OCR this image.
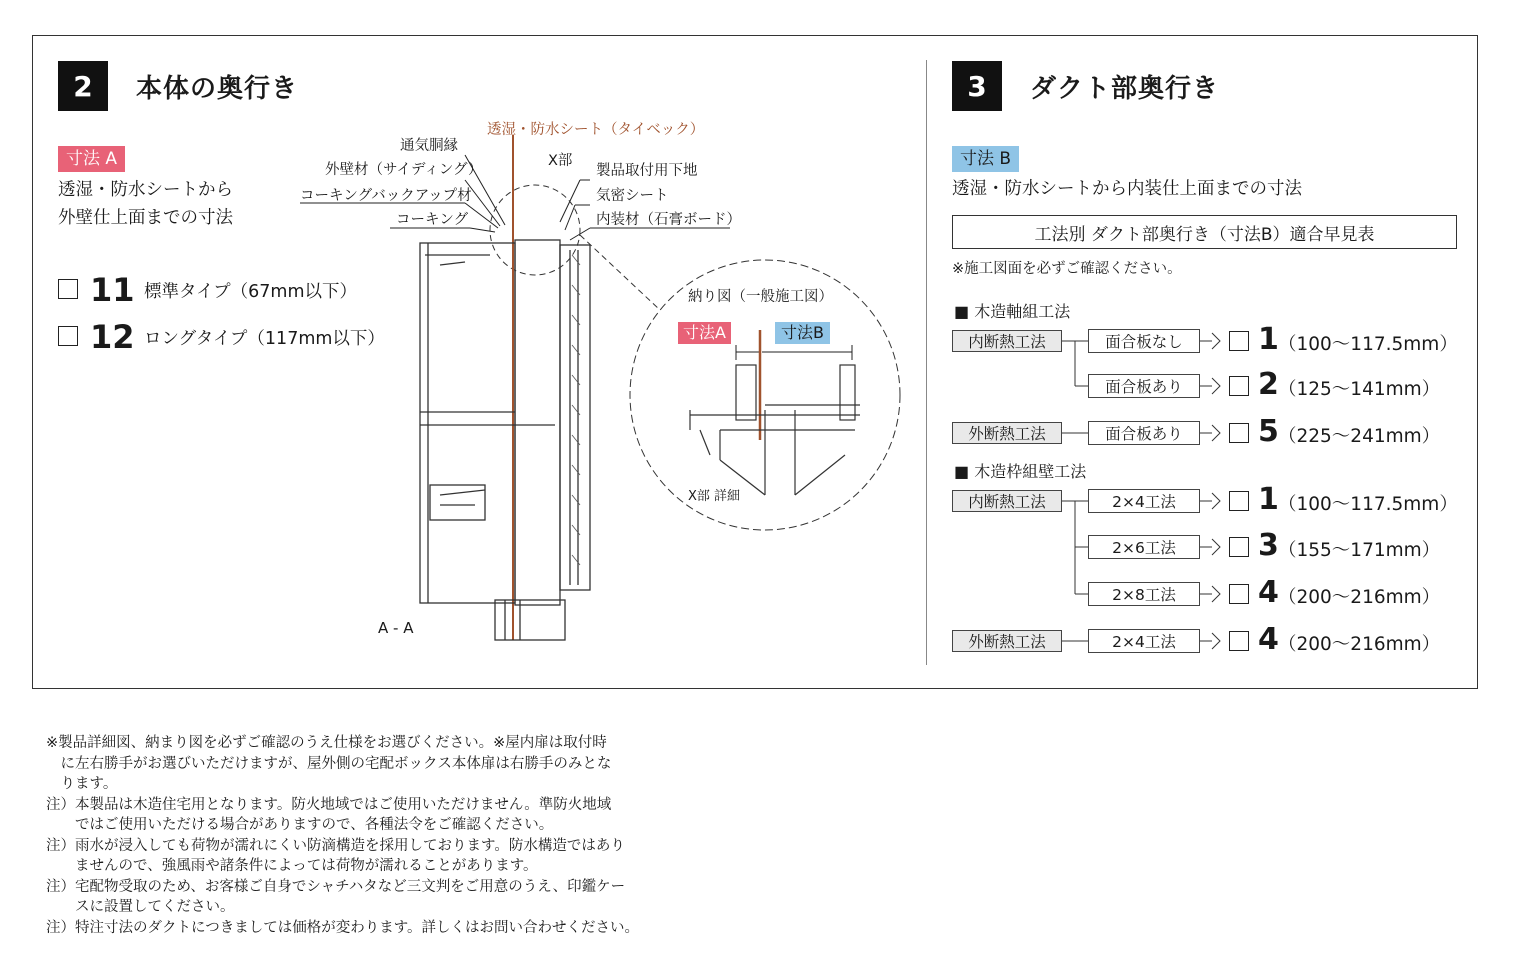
2	本体の奥行き
寸法 A
透湿・防水シートから
外壁仕上面までの寸法
11 標準タイプ（67mm以下）
12 ロングタイプ（117mm以下）
透湿・防水シート（タイベック）
通気胴縁
外壁材（サイディング）
コーキングバックアップ材
コーキング
X部
製品取付用下地
気密シート
内装材（石膏ボード）
納り図（一般施工図）
寸法A	寸法B
X部 詳細
A - A
3	ダクト部奥行き
寸法 B
透湿・防水シートから内装仕上面までの寸法
工法別 ダクト部奥行き（寸法B）適合早見表
※施工図面を必ずご確認ください。
■ 木造軸組工法
内断熱工法	面合板なし	1 （100〜117.5mm）
面合板あり	2 （125〜141mm）
外断熱工法	面合板あり	5 （225〜241mm）
■ 木造枠組壁工法
内断熱工法	2×4工法	1 （100〜117.5mm）
2×6工法	3 （155〜171mm）
2×8工法	4 （200〜216mm）
外断熱工法	2×4工法	4 （200〜216mm）
※製品詳細図、納まり図を必ずご確認のうえ仕様をお選びください。※屋内扉は取付時
　に左右勝手がお選びいただけますが、屋外側の宅配ボックス本体扉は右勝手のみとな
　ります。
注）本製品は木造住宅用となります。防火地域ではご使用いただけません。準防火地域
　　ではご使用いただける場合がありますので、各種法令をご確認ください。
注）雨水が浸入しても荷物が濡れにくい防滴構造を採用しております。防水構造ではあり
　　ませんので、強風雨や諸条件によっては荷物が濡れることがあります。
注）宅配物受取のため、お客様ご自身でシャチハタなど三文判をご用意のうえ、印鑑ケー
　　スに設置してください。
注）特注寸法のダクトにつきましては価格が変わります。詳しくはお問い合わせください。
